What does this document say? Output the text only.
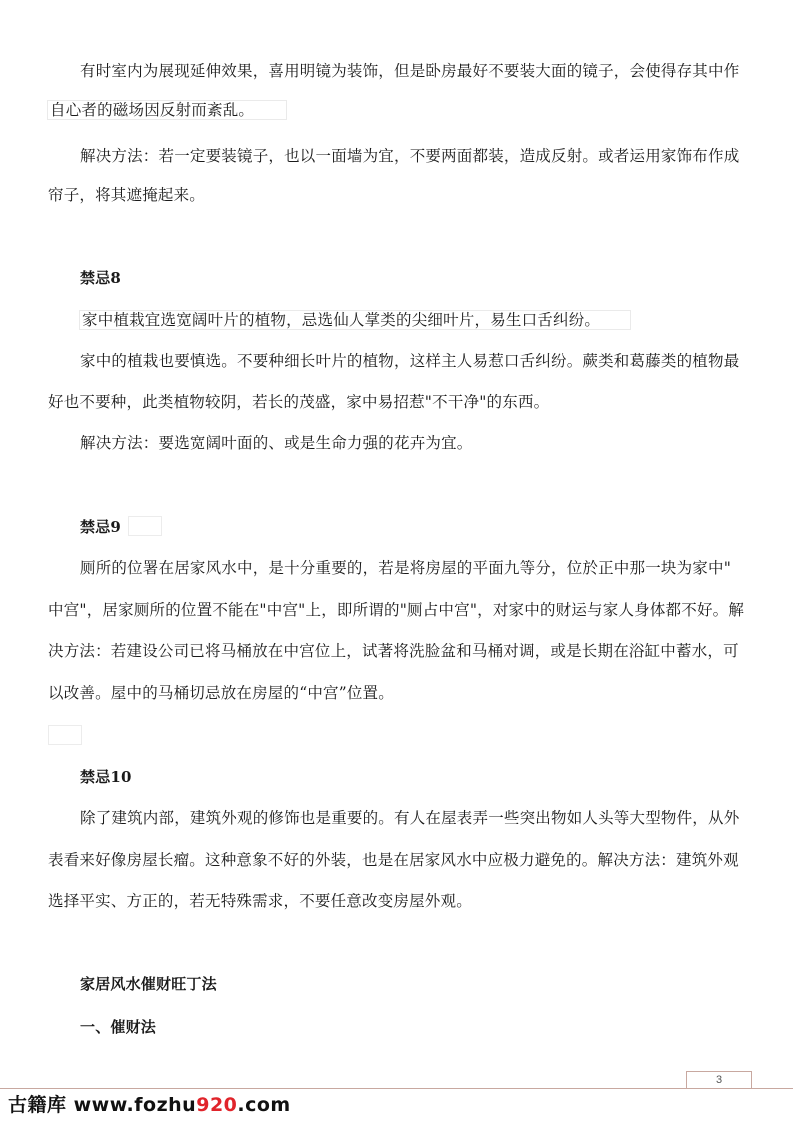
有时室内为展现延伸效果，喜用明镜为装饰，但是卧房最好不要装大面的镜子，会使得存其中作
自心者的磁场因反射而紊乱。
解决方法：若一定要装镜子，也以一面墙为宜，不要两面都装，造成反射。或者运用家饰布作成
帘子，将其遮掩起来。
禁忌8
家中植栽宜选宽阔叶片的植物，忌选仙人掌类的尖细叶片，易生口舌纠纷。
家中的植栽也要慎选。不要种细长叶片的植物，这样主人易惹口舌纠纷。蕨类和葛藤类的植物最
好也不要种，此类植物较阴，若长的茂盛，家中易招惹"不干净"的东西。
解决方法：要选宽阔叶面的、或是生命力强的花卉为宜。
禁忌9
厕所的位署在居家风水中，是十分重要的，若是将房屋的平面九等分，位於正中那一块为家中"
中宫"，居家厕所的位置不能在"中宫"上，即所谓的"厕占中宫"，对家中的财运与家人身体都不好。解
决方法：若建设公司已将马桶放在中宫位上，试著将洗脸盆和马桶对调，或是长期在浴缸中蓄水，可
以改善。屋中的马桶切忌放在房屋的“中宫”位置。
禁忌10
除了建筑内部，建筑外观的修饰也是重要的。有人在屋表弄一些突出物如人头等大型物件，从外
表看来好像房屋长瘤。这种意象不好的外装，也是在居家风水中应极力避免的。解决方法：建筑外观
选择平实、方正的，若无特殊需求，不要任意改变房屋外观。
家居风水催财旺丁法
一、催财法
3
古籍库 www.fozhu920.com
